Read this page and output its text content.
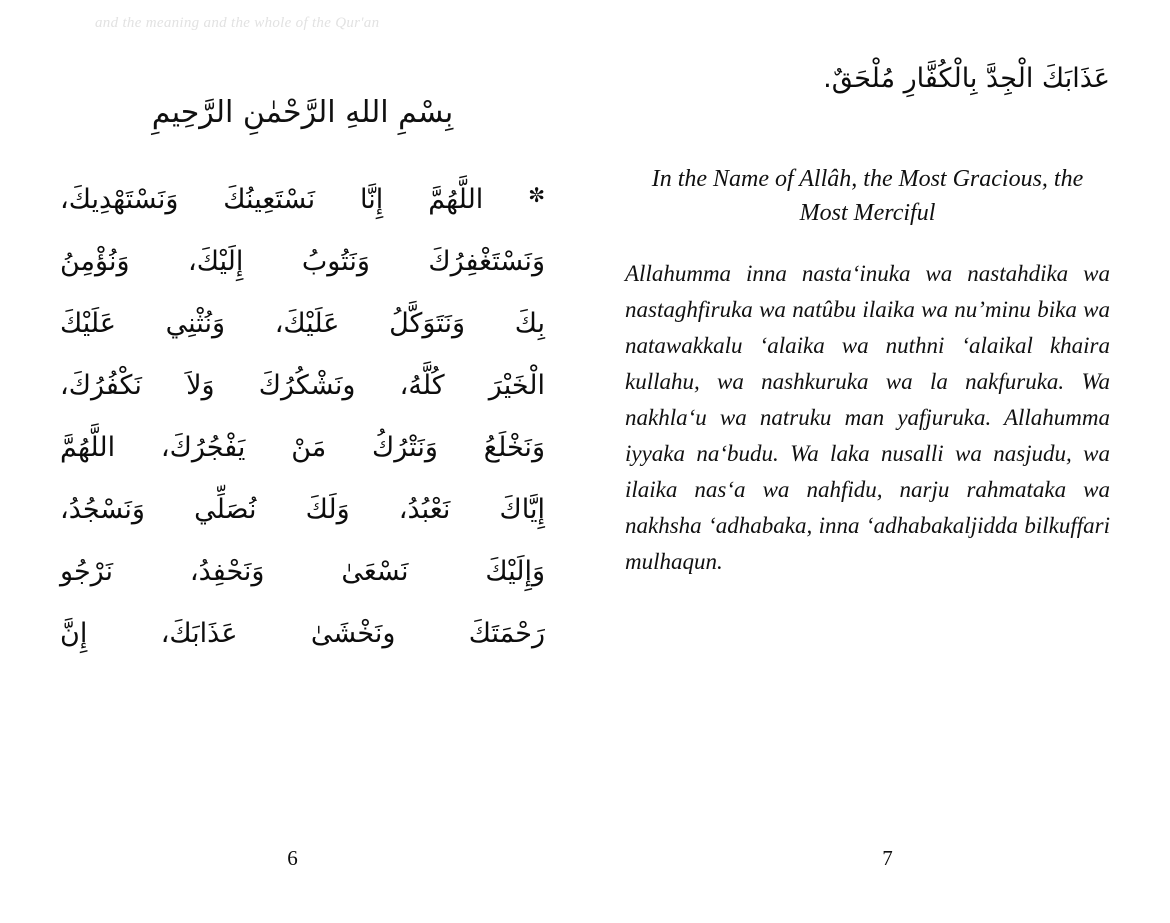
and the meaning and the whole of the Qur'an
بِسْمِ اللهِ الرَّحْمٰنِ الرَّحِيمِ
✼ اللَّهُمَّ إِنَّا نَسْتَعِينُكَ وَنَسْتَهْدِيكَ،
وَنَسْتَغْفِرُكَ وَنَتُوبُ إِلَيْكَ، وَنُؤْمِنُ
بِكَ وَنَتَوَكَّلُ عَلَيْكَ، وَنُثْنِي عَلَيْكَ
الْخَيْرَ كُلَّهُ، ونَشْكُرُكَ وَلاَ نَكْفُرُكَ،
وَنَخْلَعُ وَنَتْرُكُ مَنْ يَفْجُرُكَ، اللَّهُمَّ
إِيَّاكَ نَعْبُدُ، وَلَكَ نُصَلِّي وَنَسْجُدُ،
وَإِلَيْكَ نَسْعَىٰ وَنَحْفِدُ، نَرْجُو
رَحْمَتَكَ ونَخْشَىٰ عَذَابَكَ، إِنَّ
6
عَذَابَكَ الْجِدَّ بِالْكُفَّارِ مُلْحَقٌ.
In the Name of Allâh, the Most Gracious, the Most Merciful
Allahumma inna nasta‘inuka wa nastahdika wa nastaghfiruka wa natûbu ilaika wa nu’minu bika wa natawakkalu ‘alaika wa nuthni ‘alaikal khaira kullahu, wa nashkuruka wa la nakfuruka. Wa nakhla‘u wa natruku man yafjuruka. Allahumma iyyaka na‘budu. Wa laka nusalli wa nasjudu, wa ilaika nas‘a wa nahfidu, narju rahmataka wa nakhsha ‘adhabaka, inna ‘adhabakaljidda bilkuffari mulhaqun.
7
